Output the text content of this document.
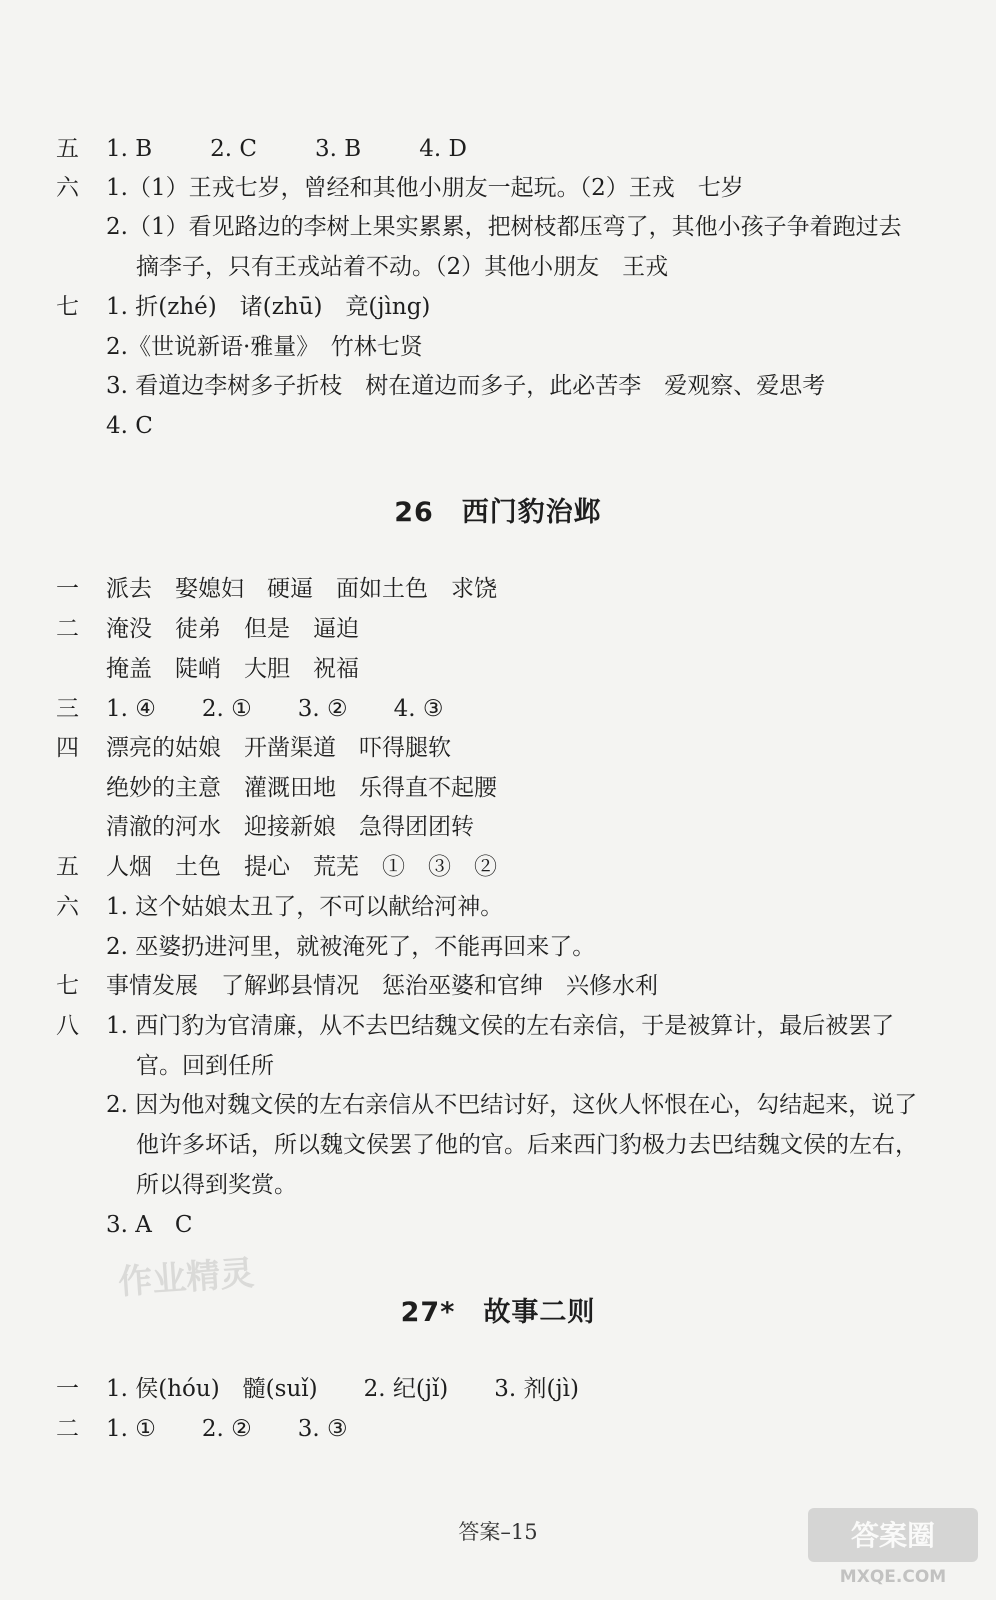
五 1. B	2. C	3. B	4. D
六 1.（1）王戎七岁，曾经和其他小朋友一起玩。（2）王戎　七岁
2.（1）看见路边的李树上果实累累，把树枝都压弯了，其他小孩子争着跑过去
摘李子，只有王戎站着不动。（2）其他小朋友　王戎
七 1. 折(zhé)　诸(zhū)　竞(jìng)
2.《世说新语·雅量》　竹林七贤
3. 看道边李树多子折枝　树在道边而多子，此必苦李　爱观察、爱思考
4. C
26　西门豹治邺
一 派去　娶媳妇　硬逼　面如土色　求饶
二 淹没　徒弟　但是　逼迫
掩盖　陡峭　大胆　祝福
三 1. ④　　2. ①　　3. ②　　4. ③
四 漂亮的姑娘　开凿渠道　吓得腿软
绝妙的主意　灌溉田地　乐得直不起腰
清澈的河水　迎接新娘　急得团团转
五 人烟　土色　提心　荒芜　①　③　②
六 1. 这个姑娘太丑了，不可以献给河神。
2. 巫婆扔进河里，就被淹死了，不能再回来了。
七 事情发展　了解邺县情况　惩治巫婆和官绅　兴修水利
八 1. 西门豹为官清廉，从不去巴结魏文侯的左右亲信，于是被算计，最后被罢了
官。回到任所
2. 因为他对魏文侯的左右亲信从不巴结讨好，这伙人怀恨在心，勾结起来，说了
他许多坏话，所以魏文侯罢了他的官。后来西门豹极力去巴结魏文侯的左右，
所以得到奖赏。
3. A　C
27*　故事二则
一 1. 侯(hóu)　髓(suǐ)　　2. 纪(jǐ)　　3. 剂(jì)
二 1. ①　　2. ②　　3. ③
作业精灵
答案–15	答案圈
MXQE.COM
